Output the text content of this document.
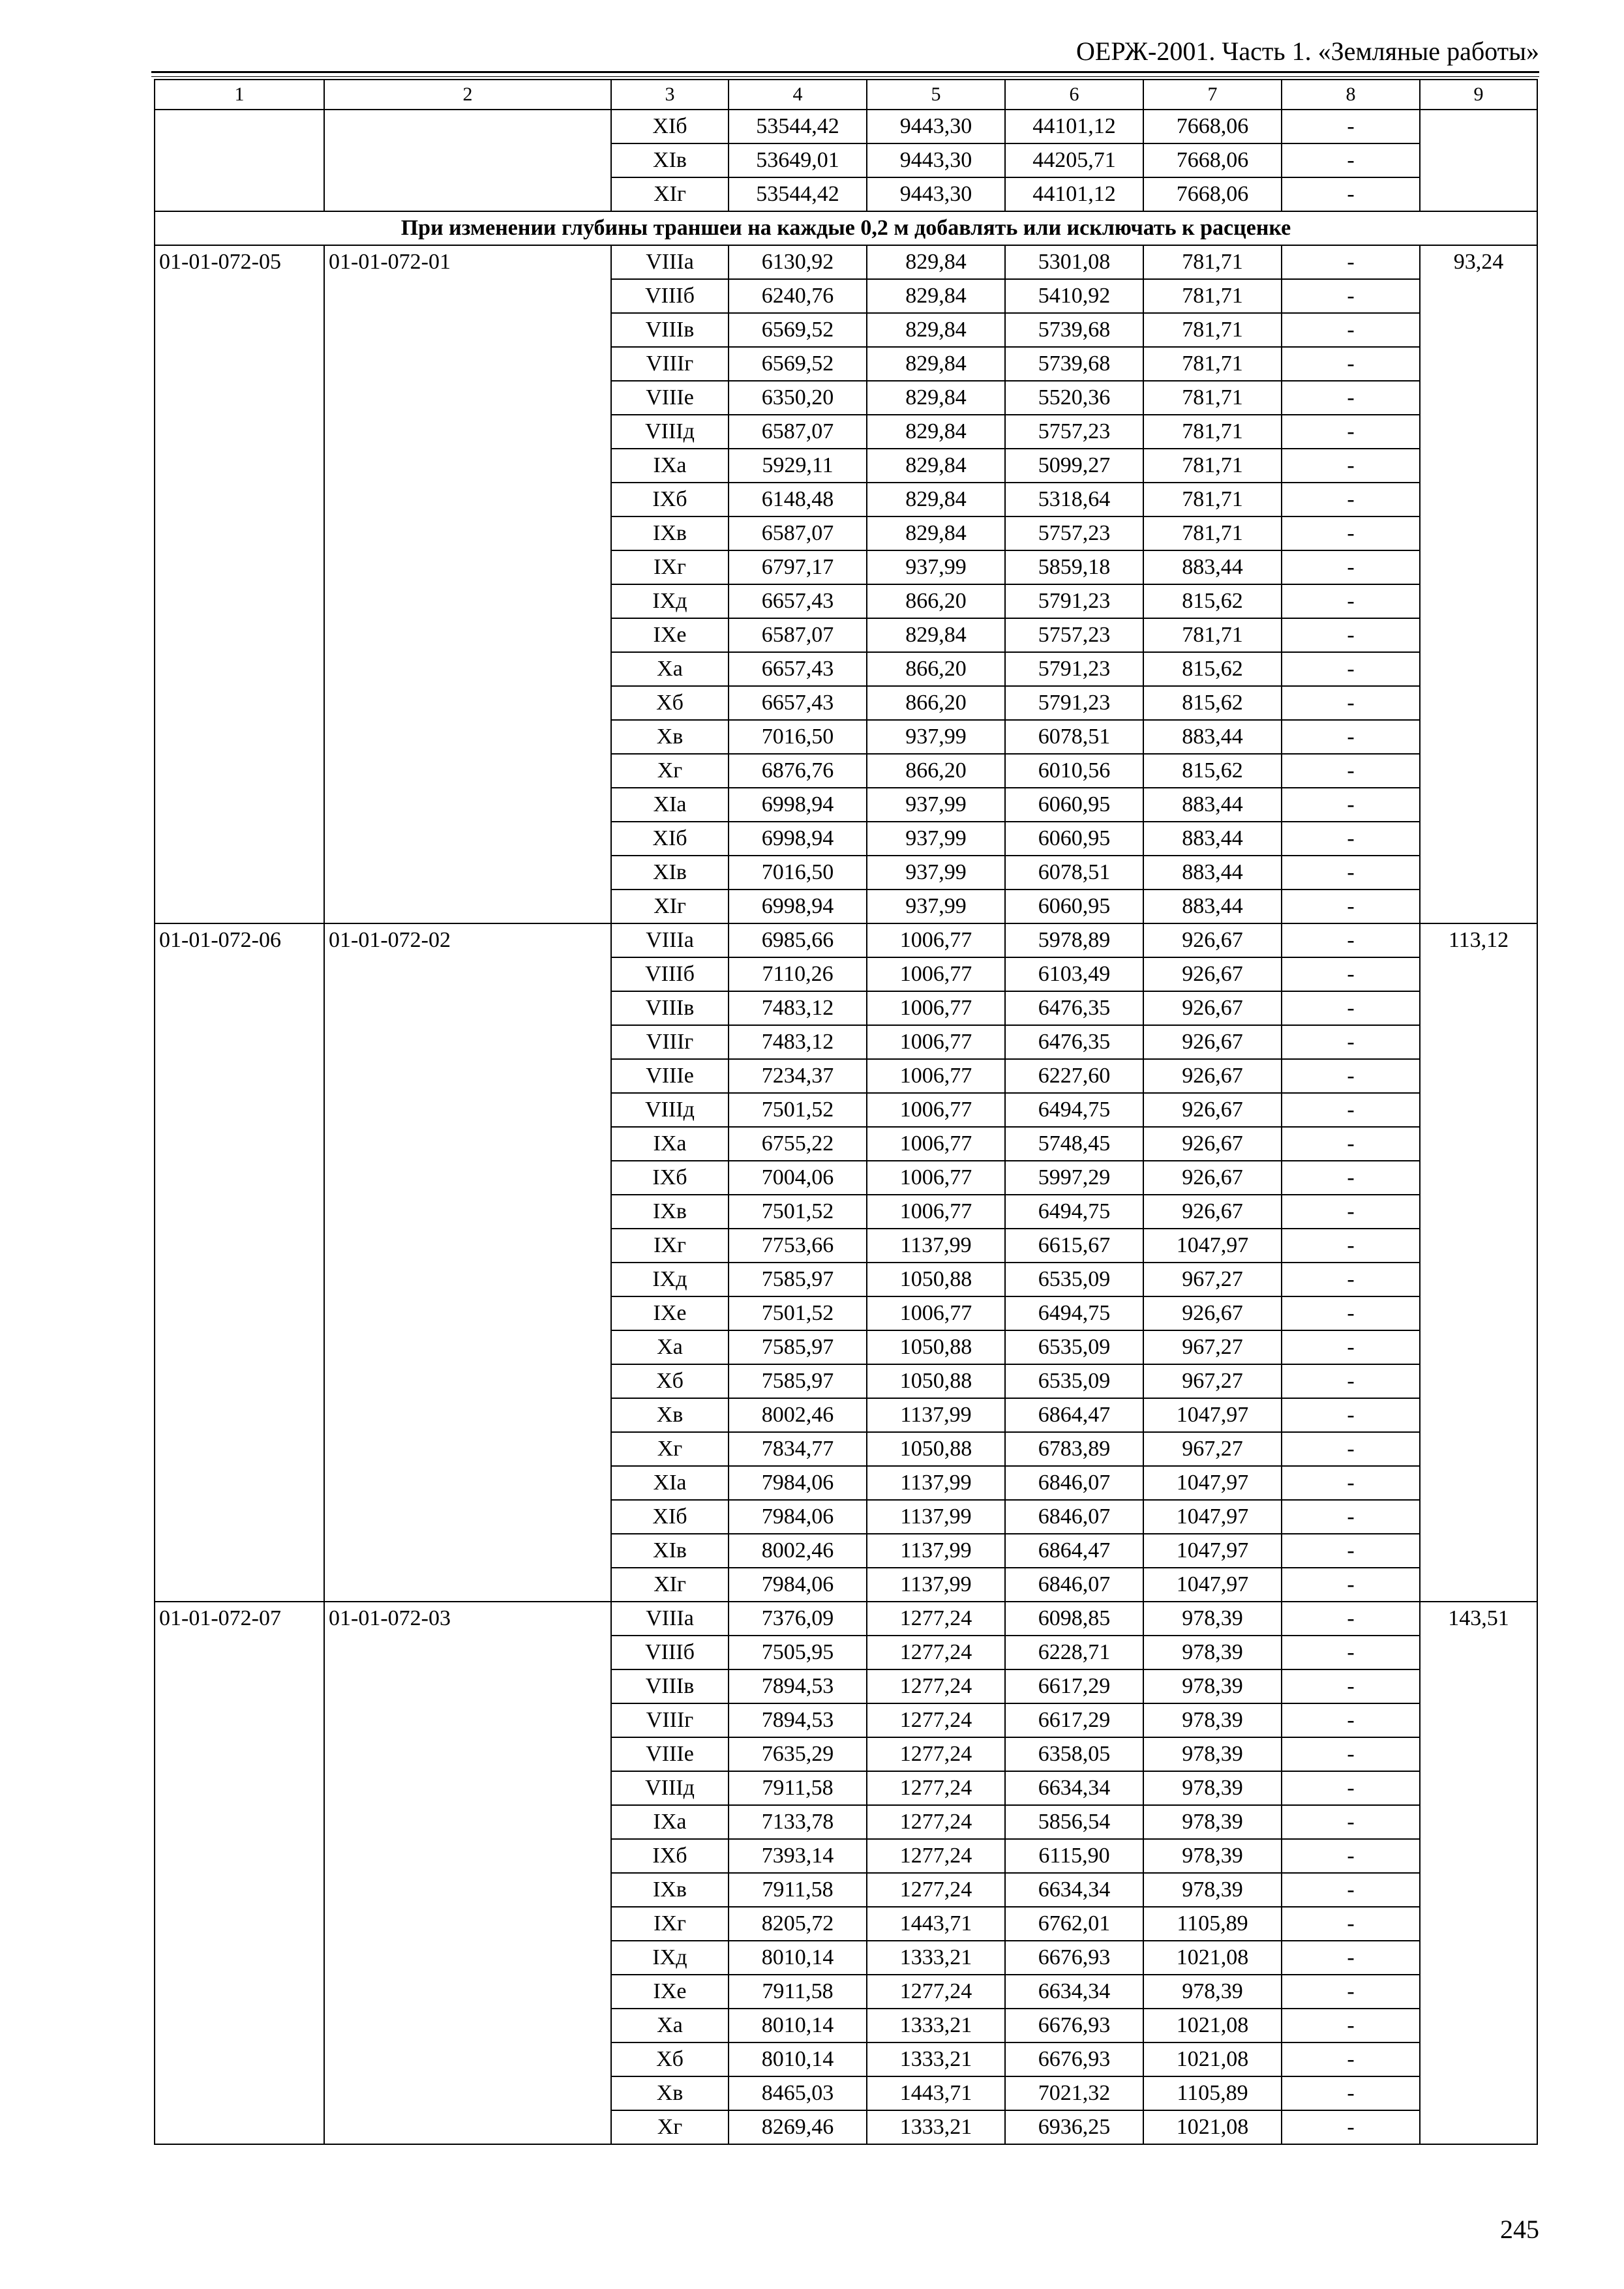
ОЕРЖ-2001. Часть 1. «Земляные работы»
1	2	3	4	5	6	7	8	9
		XIб	53544,42	9443,30	44101,12	7668,06	-	
		XIв	53649,01	9443,30	44205,71	7668,06	-	
		XIг	53544,42	9443,30	44101,12	7668,06	-	
При изменении глубины траншеи на каждые 0,2 м добавлять или исключать к расценке								
01-01-072-05	01-01-072-01	VIIIа	6130,92	829,84	5301,08	781,71	-	93,24
		VIIIб	6240,76	829,84	5410,92	781,71	-	
		VIIIв	6569,52	829,84	5739,68	781,71	-	
		VIIIг	6569,52	829,84	5739,68	781,71	-	
		VIIIе	6350,20	829,84	5520,36	781,71	-	
		VIIIд	6587,07	829,84	5757,23	781,71	-	
		IXа	5929,11	829,84	5099,27	781,71	-	
		IXб	6148,48	829,84	5318,64	781,71	-	
		IXв	6587,07	829,84	5757,23	781,71	-	
		IXг	6797,17	937,99	5859,18	883,44	-	
		IXд	6657,43	866,20	5791,23	815,62	-	
		IXе	6587,07	829,84	5757,23	781,71	-	
		Xа	6657,43	866,20	5791,23	815,62	-	
		Xб	6657,43	866,20	5791,23	815,62	-	
		Xв	7016,50	937,99	6078,51	883,44	-	
		Xг	6876,76	866,20	6010,56	815,62	-	
		XIа	6998,94	937,99	6060,95	883,44	-	
		XIб	6998,94	937,99	6060,95	883,44	-	
		XIв	7016,50	937,99	6078,51	883,44	-	
		XIг	6998,94	937,99	6060,95	883,44	-	
01-01-072-06	01-01-072-02	VIIIа	6985,66	1006,77	5978,89	926,67	-	113,12
		VIIIб	7110,26	1006,77	6103,49	926,67	-	
		VIIIв	7483,12	1006,77	6476,35	926,67	-	
		VIIIг	7483,12	1006,77	6476,35	926,67	-	
		VIIIе	7234,37	1006,77	6227,60	926,67	-	
		VIIIд	7501,52	1006,77	6494,75	926,67	-	
		IXа	6755,22	1006,77	5748,45	926,67	-	
		IXб	7004,06	1006,77	5997,29	926,67	-	
		IXв	7501,52	1006,77	6494,75	926,67	-	
		IXг	7753,66	1137,99	6615,67	1047,97	-	
		IXд	7585,97	1050,88	6535,09	967,27	-	
		IXе	7501,52	1006,77	6494,75	926,67	-	
		Xа	7585,97	1050,88	6535,09	967,27	-	
		Xб	7585,97	1050,88	6535,09	967,27	-	
		Xв	8002,46	1137,99	6864,47	1047,97	-	
		Xг	7834,77	1050,88	6783,89	967,27	-	
		XIа	7984,06	1137,99	6846,07	1047,97	-	
		XIб	7984,06	1137,99	6846,07	1047,97	-	
		XIв	8002,46	1137,99	6864,47	1047,97	-	
		XIг	7984,06	1137,99	6846,07	1047,97	-	
01-01-072-07	01-01-072-03	VIIIа	7376,09	1277,24	6098,85	978,39	-	143,51
		VIIIб	7505,95	1277,24	6228,71	978,39	-	
		VIIIв	7894,53	1277,24	6617,29	978,39	-	
		VIIIг	7894,53	1277,24	6617,29	978,39	-	
		VIIIе	7635,29	1277,24	6358,05	978,39	-	
		VIIIд	7911,58	1277,24	6634,34	978,39	-	
		IXа	7133,78	1277,24	5856,54	978,39	-	
		IXб	7393,14	1277,24	6115,90	978,39	-	
		IXв	7911,58	1277,24	6634,34	978,39	-	
		IXг	8205,72	1443,71	6762,01	1105,89	-	
		IXд	8010,14	1333,21	6676,93	1021,08	-	
		IXе	7911,58	1277,24	6634,34	978,39	-	
		Xа	8010,14	1333,21	6676,93	1021,08	-	
		Xб	8010,14	1333,21	6676,93	1021,08	-	
		Xв	8465,03	1443,71	7021,32	1105,89	-	
		Xг	8269,46	1333,21	6936,25	1021,08	-	
245
